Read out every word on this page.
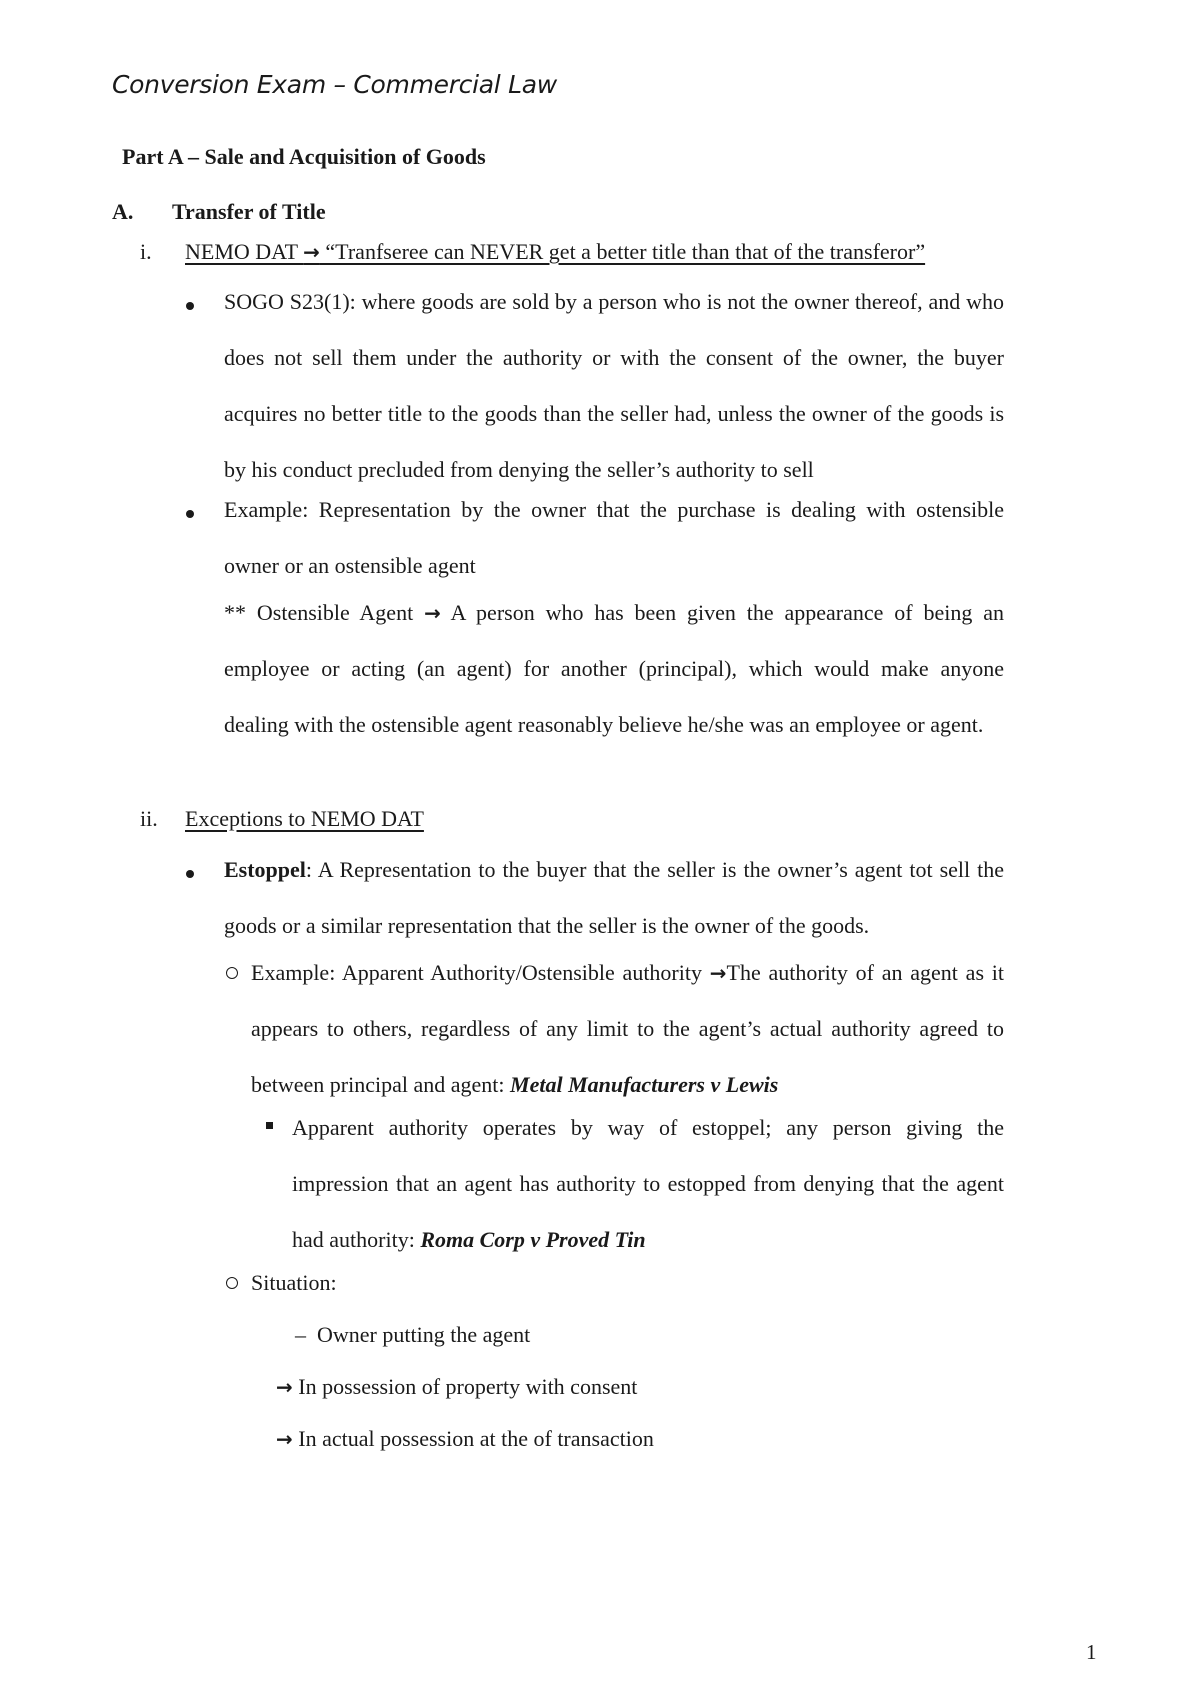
Conversion Exam – Commercial Law
Part A – Sale and Acquisition of Goods
A. Transfer of Title
i. NEMO DAT → “Tranfseree can NEVER get a better title than that of the transferor”
SOGO S23(1): where goods are sold by a person who is not the owner thereof, and who does not sell them under the authority or with the consent of the owner, the buyer acquires no better title to the goods than the seller had, unless the owner of the goods is by his conduct precluded from denying the seller’s authority to sell
Example: Representation by the owner that the purchase is dealing with ostensible owner or an ostensible agent
** Ostensible Agent → A person who has been given the appearance of being an employee or acting (an agent) for another (principal), which would make anyone dealing with the ostensible agent reasonably believe he/she was an employee or agent.
ii. Exceptions to NEMO DAT
Estoppel: A Representation to the buyer that the seller is the owner’s agent tot sell the goods or a similar representation that the seller is the owner of the goods.
Example: Apparent Authority/Ostensible authority →The authority of an agent as it appears to others, regardless of any limit to the agent’s actual authority agreed to between principal and agent: Metal Manufacturers v Lewis
Apparent authority operates by way of estoppel; any person giving the impression that an agent has authority to estopped from denying that the agent had authority: Roma Corp v Proved Tin
Situation:
– Owner putting the agent
→ In possession of property with consent
→ In actual possession at the of transaction
1
